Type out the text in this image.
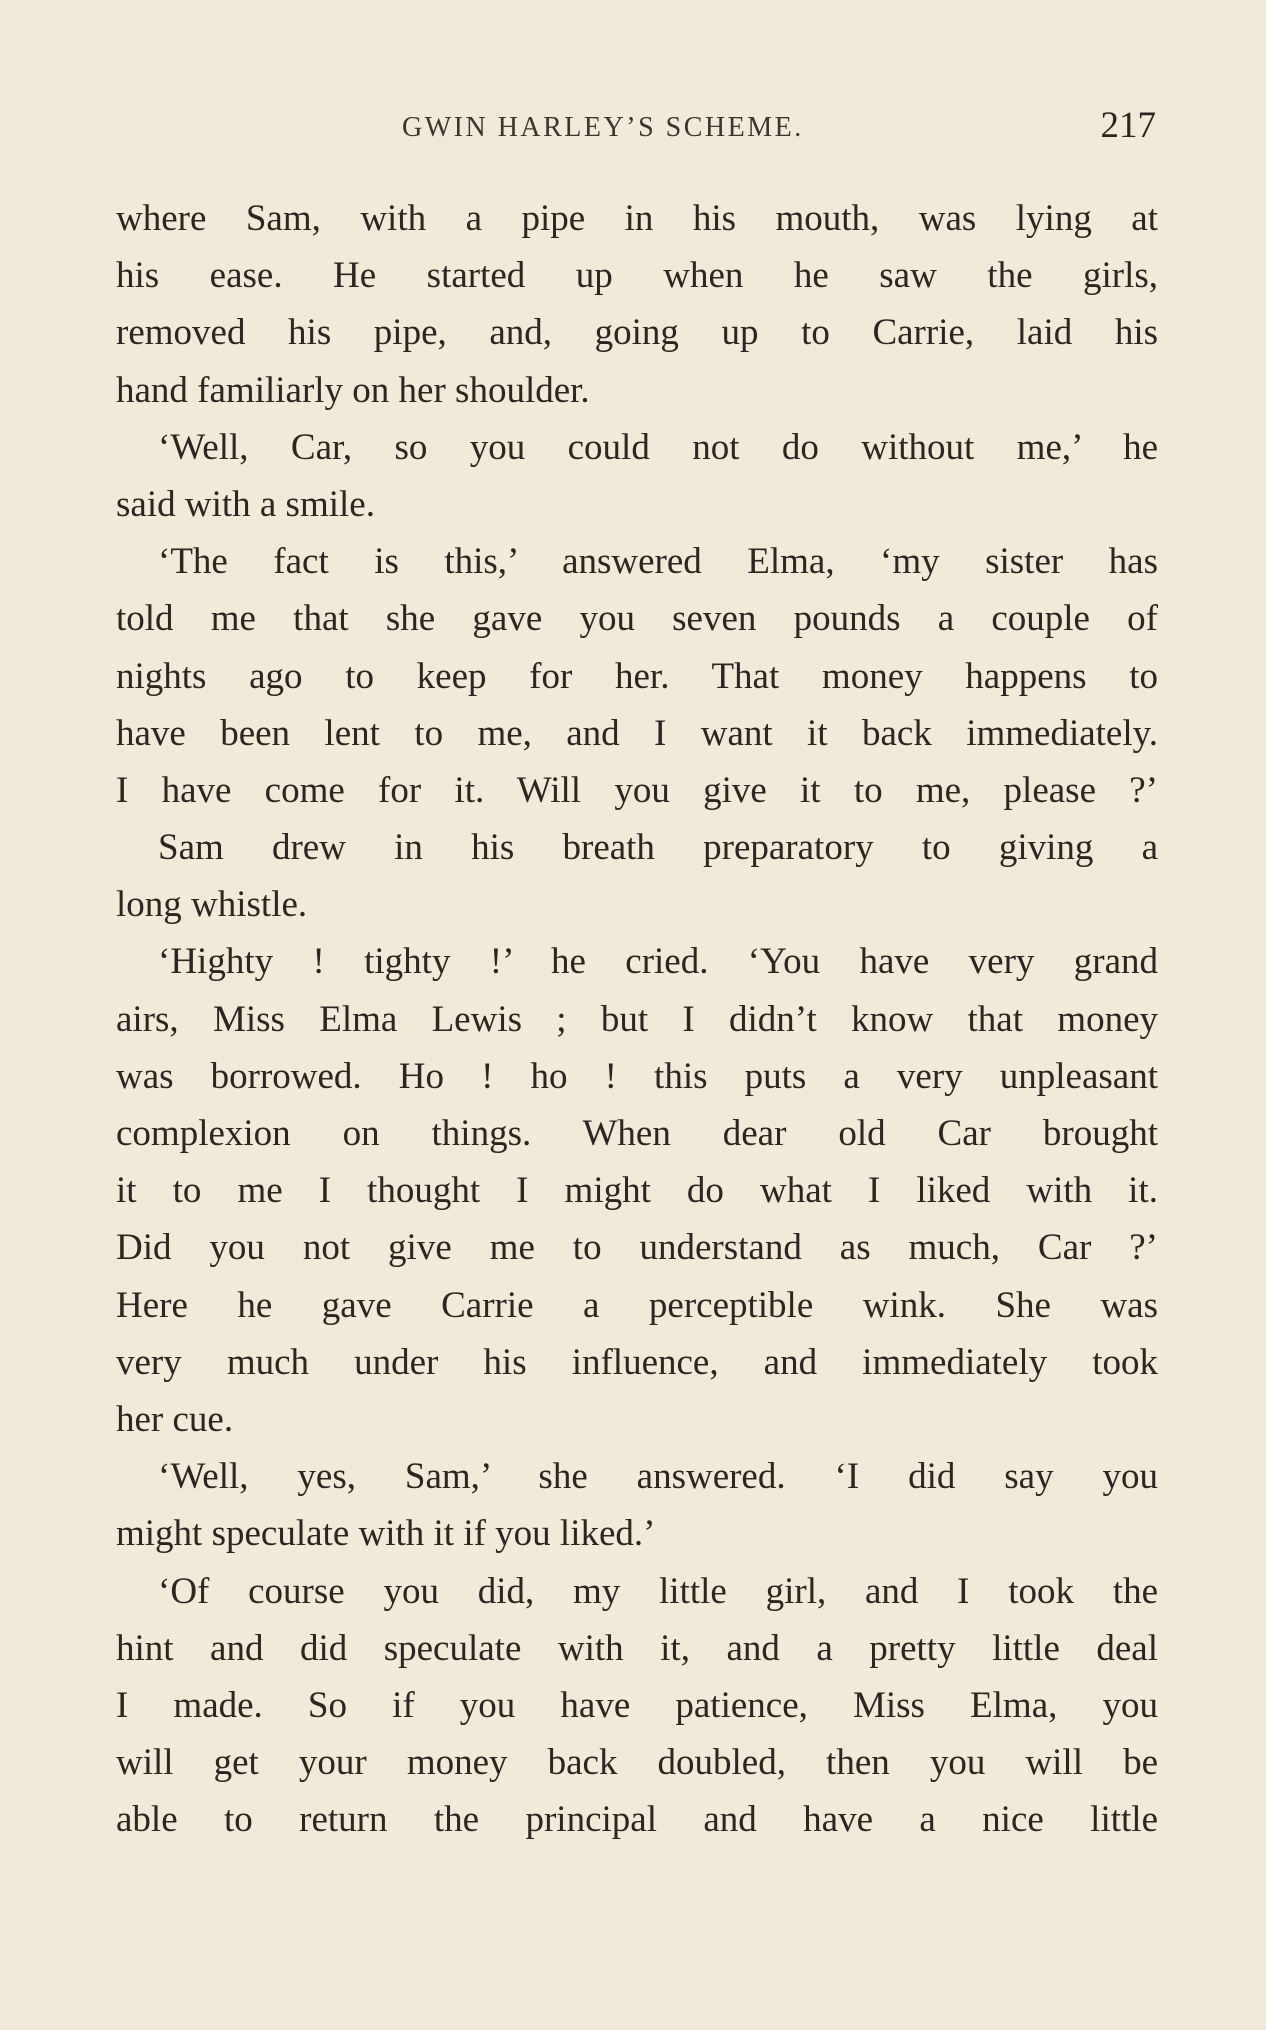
GWIN HARLEY’S SCHEME.	217
where Sam, with a pipe in his mouth, was lying at
his ease. He started up when he saw the girls,
removed his pipe, and, going up to Carrie, laid his
hand familiarly on her shoulder.
‘Well, Car, so you could not do without me,’ he
said with a smile.
‘The fact is this,’ answered Elma, ‘my sister has
told me that she gave you seven pounds a couple of
nights ago to keep for her. That money happens to
have been lent to me, and I want it back immediately.
I have come for it. Will you give it to me, please ?’
Sam drew in his breath preparatory to giving a
long whistle.
‘Highty ! tighty !’ he cried. ‘You have very grand
airs, Miss Elma Lewis ; but I didn’t know that money
was borrowed. Ho ! ho ! this puts a very unpleasant
complexion on things. When dear old Car brought
it to me I thought I might do what I liked with it.
Did you not give me to understand as much, Car ?’
Here he gave Carrie a perceptible wink. She was
very much under his influence, and immediately took
her cue.
‘Well, yes, Sam,’ she answered. ‘I did say you
might speculate with it if you liked.’
‘Of course you did, my little girl, and I took the
hint and did speculate with it, and a pretty little deal
I made. So if you have patience, Miss Elma, you
will get your money back doubled, then you will be
able to return the principal and have a nice little
